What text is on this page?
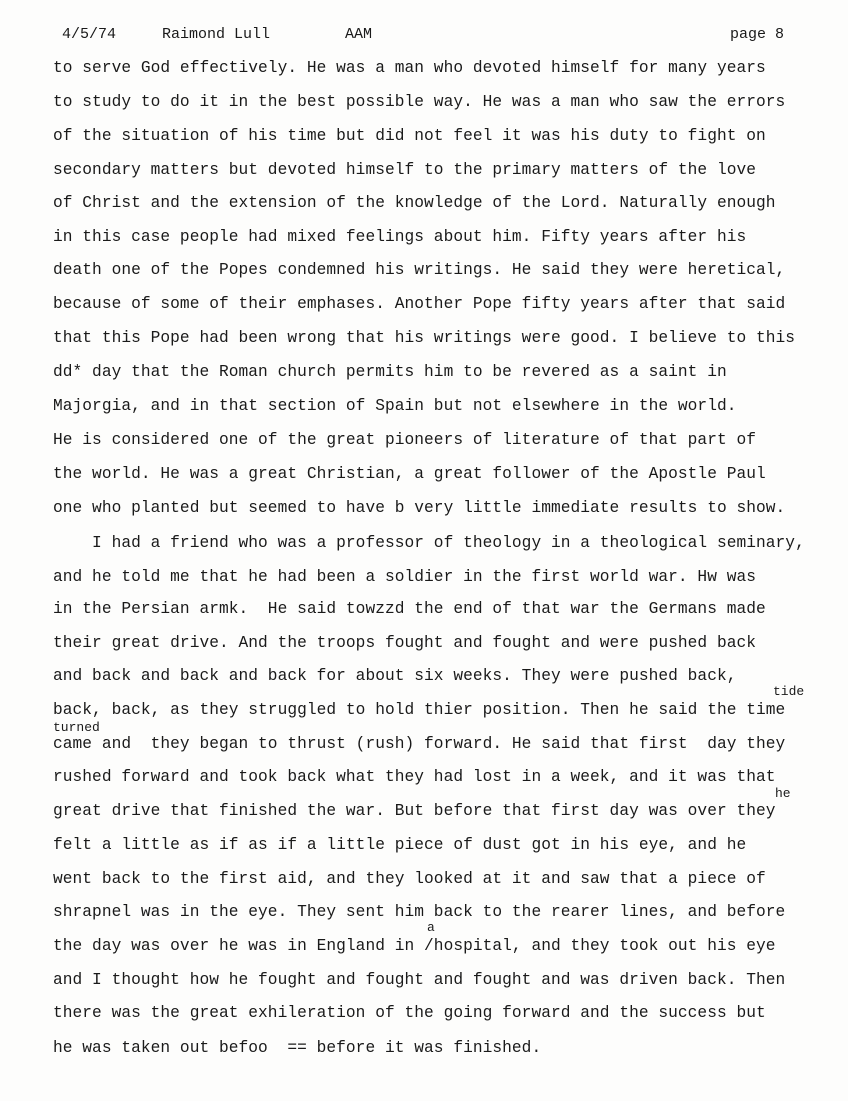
4/5/74	Raimond Lull	AAM	page 8
to serve God effectively. He was a man who devoted himself for many years
to study to do it in the best possible way. He was a man who saw the errors
of the situation of his time but did not feel it was his duty to fight on
secondary matters but devoted himself to the primary matters of the love
of Christ and the extension of the knowledge of the Lord. Naturally enough
in this case people had mixed feelings about him. Fifty years after his
death one of the Popes condemned his writings. He said they were heretical,
because of some of their emphases. Another Pope fifty years after that said
that this Pope had been wrong that his writings were good. I believe to this
dd* day that the Roman church permits him to be revered as a saint in
Majorgia, and in that section of Spain but not elsewhere in the world.
He is considered one of the great pioneers of literature of that part of
the world. He was a great Christian, a great follower of the Apostle Paul
one who planted but seemed to have b very little immediate results to show.
I had a friend who was a professor of theology in a theological seminary,
and he told me that he had been a soldier in the first world war. Hw was
in the Persian armk.  He said towzzd the end of that war the Germans made
their great drive. And the troops fought and fought and were pushed back
and back and back and back for about six weeks. They were pushed back,
back, back, as they struggled to hold thier position. Then he said the time
came and  they began to thrust (rush) forward. He said that first  day they
rushed forward and took back what they had lost in a week, and it was that
great drive that finished the war. But before that first day was over they
felt a little as if as if a little piece of dust got in his eye, and he
went back to the first aid, and they looked at it and saw that a piece of
shrapnel was in the eye. They sent him back to the rearer lines, and before
the day was over he was in England in /hospital, and they took out his eye
and I thought how he fought and fought and fought and was driven back. Then
there was the great exhileration of the going forward and the success but
he was taken out befoo  == before it was finished.
tide
turned
he
a
